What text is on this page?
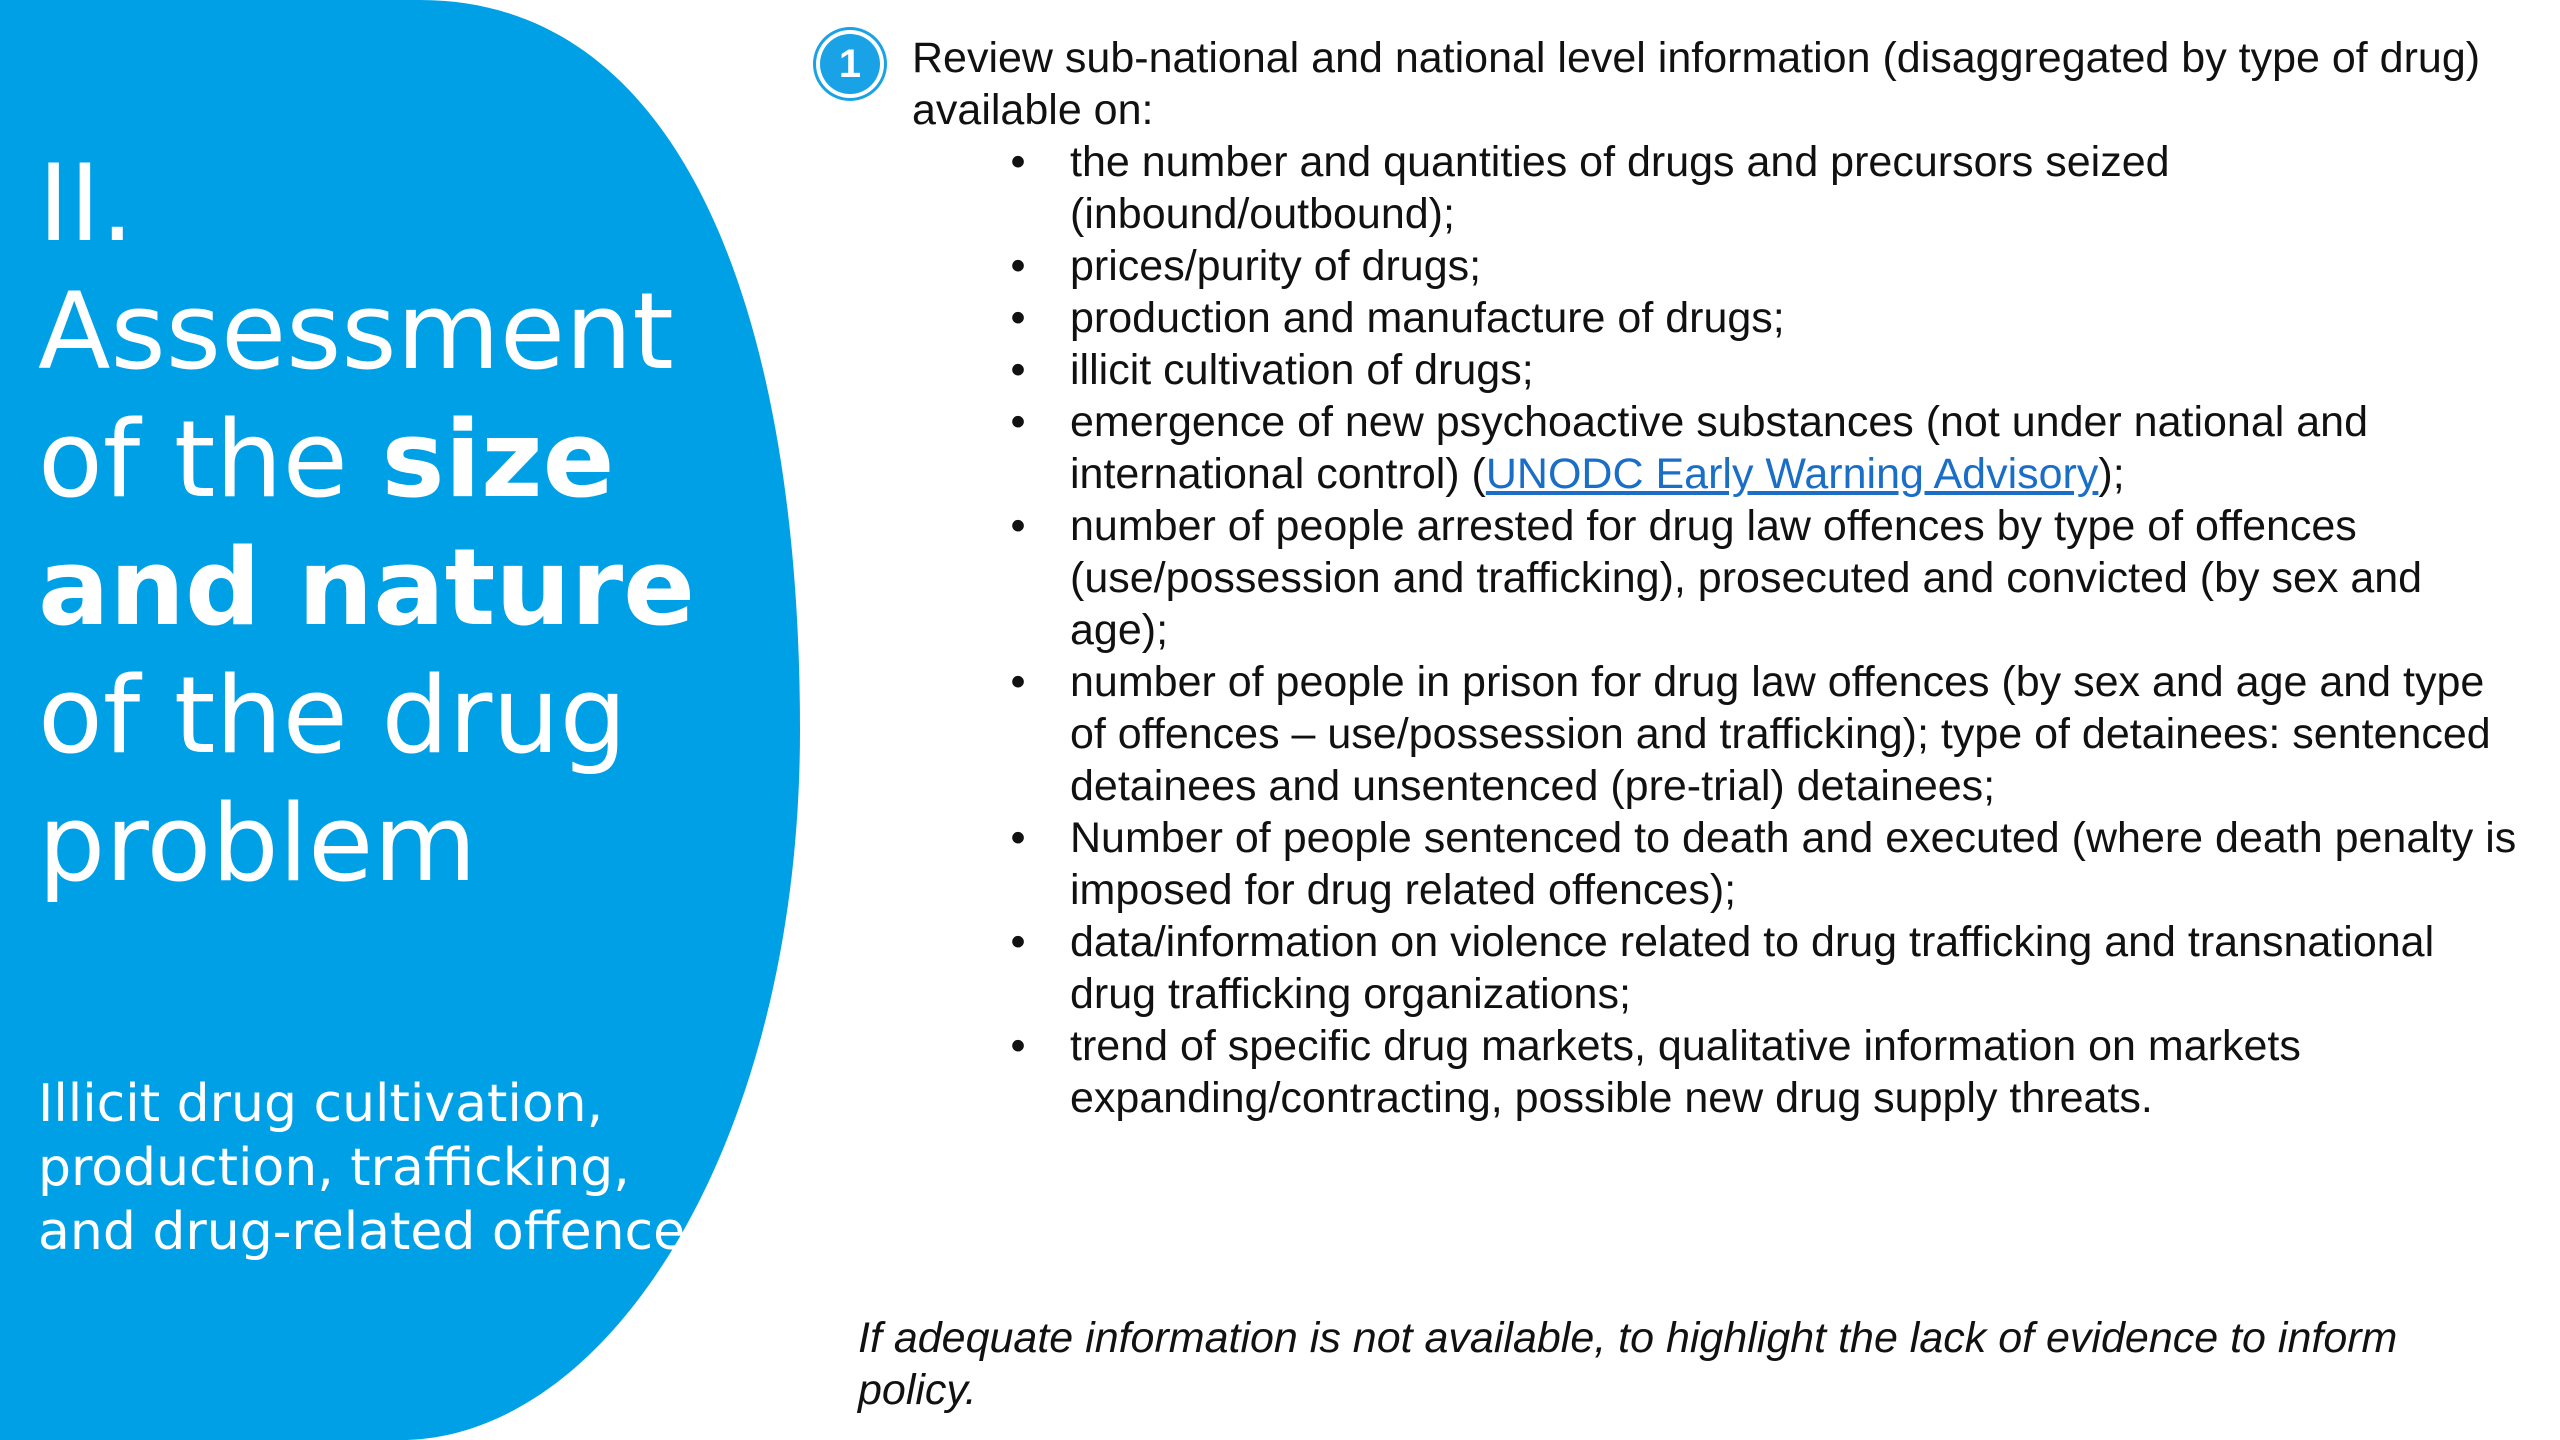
II.
Assessment
of the size
and nature
of the drug
problem
Illicit drug cultivation, production, trafficking, and drug-related offences
1	Review sub-national and national level information (disaggregated by type of drug) available on:
• the number and quantities of drugs and precursors seized (inbound/outbound);
• prices/purity of drugs;
• production and manufacture of drugs;
• illicit cultivation of drugs;
• emergence of new psychoactive substances (not under national and international control) (UNODC Early Warning Advisory);
• number of people arrested for drug law offences by type of offences (use/possession and trafficking), prosecuted and convicted (by sex and age);
• number of people in prison for drug law offences (by sex and age and type of offences – use/possession and trafficking); type of detainees: sentenced detainees and unsentenced (pre-trial) detainees;
• Number of people sentenced to death and executed (where death penalty is imposed for drug related offences);
• data/information on violence related to drug trafficking and transnational drug trafficking organizations;
• trend of specific drug markets, qualitative information on markets expanding/contracting, possible new drug supply threats.
If adequate information is not available, to highlight the lack of evidence to inform policy.
